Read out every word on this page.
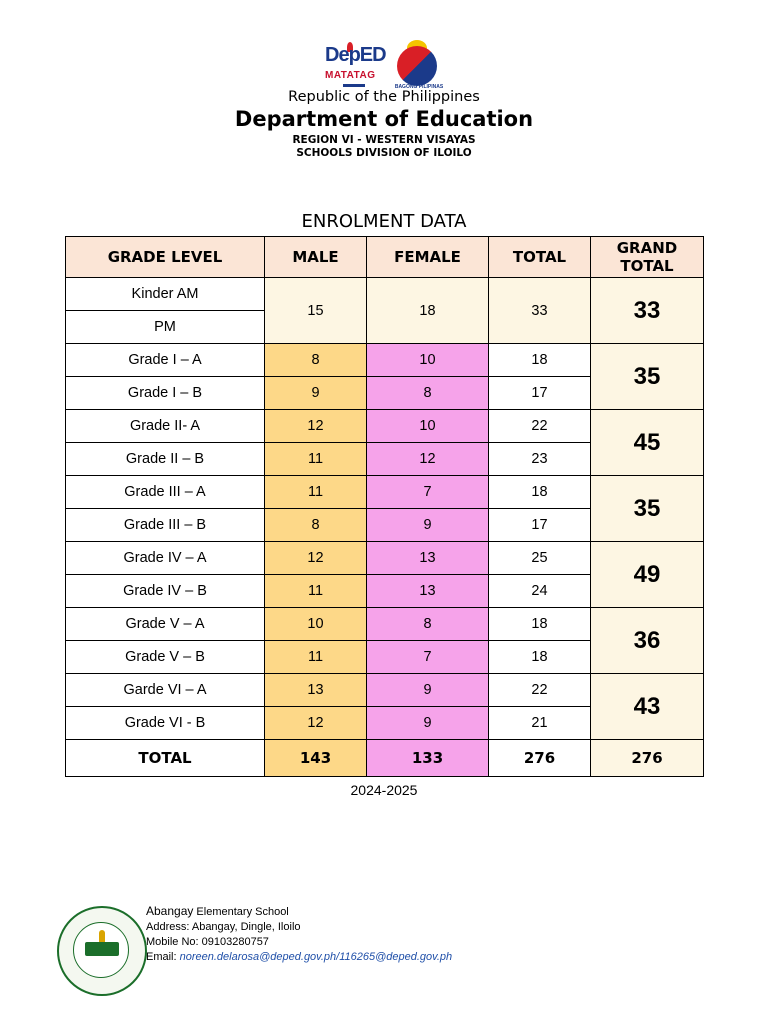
DepED
MATATAG
BAGONG PILIPINAS
Republic of the Philippines
Department of Education
REGION VI - WESTERN VISAYAS
SCHOOLS DIVISION OF ILOILO
ENROLMENT DATA
GRADE LEVEL	MALE	FEMALE	TOTAL	GRAND TOTAL
Kinder AM	15	18	33	33
PM				
Grade I – A	8	10	18	35
Grade I – B	9	8	17	
Grade II- A	12	10	22	45
Grade II – B	11	12	23	
Grade III – A	11	7	18	35
Grade III – B	8	9	17	
Grade IV – A	12	13	25	49
Grade IV – B	11	13	24	
Grade V – A	10	8	18	36
Grade V – B	11	7	18	
Garde VI – A	13	9	22	43
Grade VI - B	12	9	21	
TOTAL	143	133	276	276
2024-2025
Abangay Elementary School
Address: Abangay, Dingle, Iloilo
Mobile No: 09103280757
Email: noreen.delarosa@deped.gov.ph/116265@deped.gov.ph
